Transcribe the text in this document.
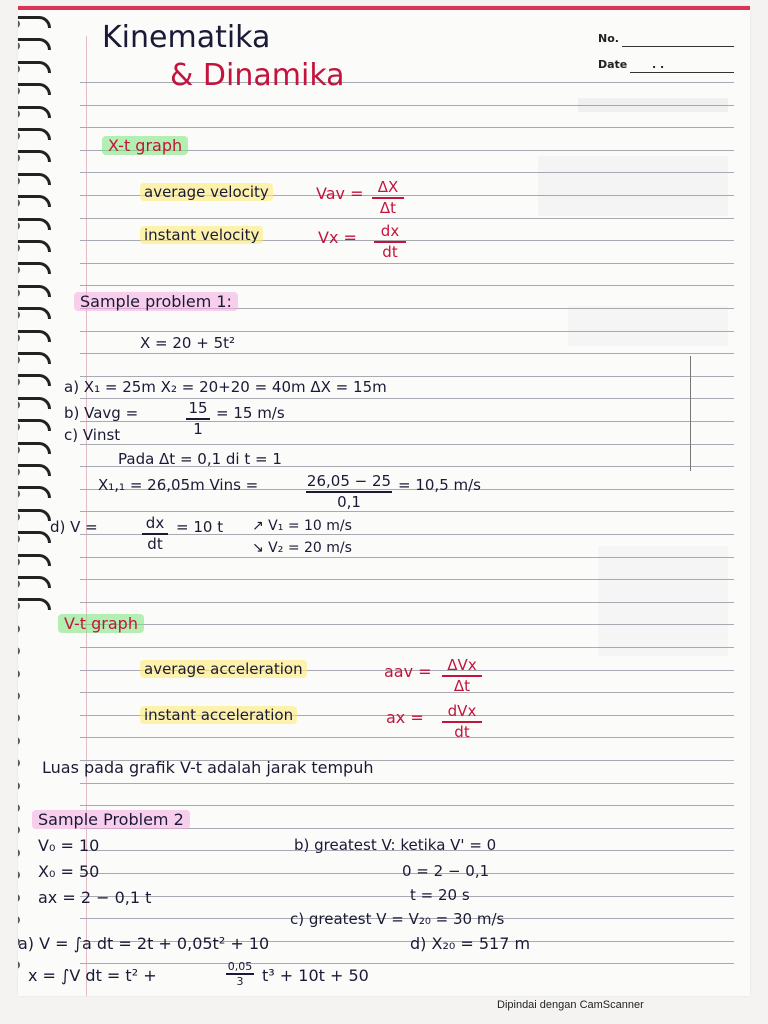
Kinematika
& Dinamika
No.
Date . .
X-t graph
average velocity	Vav = ΔX
Δt
instant velocity	Vx =	dx
dt
Sample problem 1:
X = 20 + 5t²
a) X₁ = 25m X₂ = 20+20 = 40m ΔX = 15m
b) Vavg =	15
1
= 15 m/s
c) Vinst
Pada Δt = 0,1 di t = 1
X₁,₁ = 26,05m Vins =	26,05 − 25
0,1
= 10,5 m/s
d) V =	dx
dt
= 10 t ↗ V₁ = 10 m/s
↘ V₂ = 20 m/s
V-t graph
average acceleration	aav =	ΔVx
Δt
instant acceleration	ax =	dVx
dt
Luas pada grafik V-t adalah jarak tempuh
Sample Problem 2
V₀ = 10
X₀ = 50
ax = 2 − 0,1 t
b) greatest V: ketika V' = 0
0 = 2 − 0,1
t = 20 s
c) greatest V = V₂₀ = 30 m/s
a) V = ∫a dt = 2t + 0,05t² + 10	d) X₂₀ = 517 m
x = ∫V dt = t² +	0,05
3	t³ + 10t + 50
Dipindai dengan CamScanner
